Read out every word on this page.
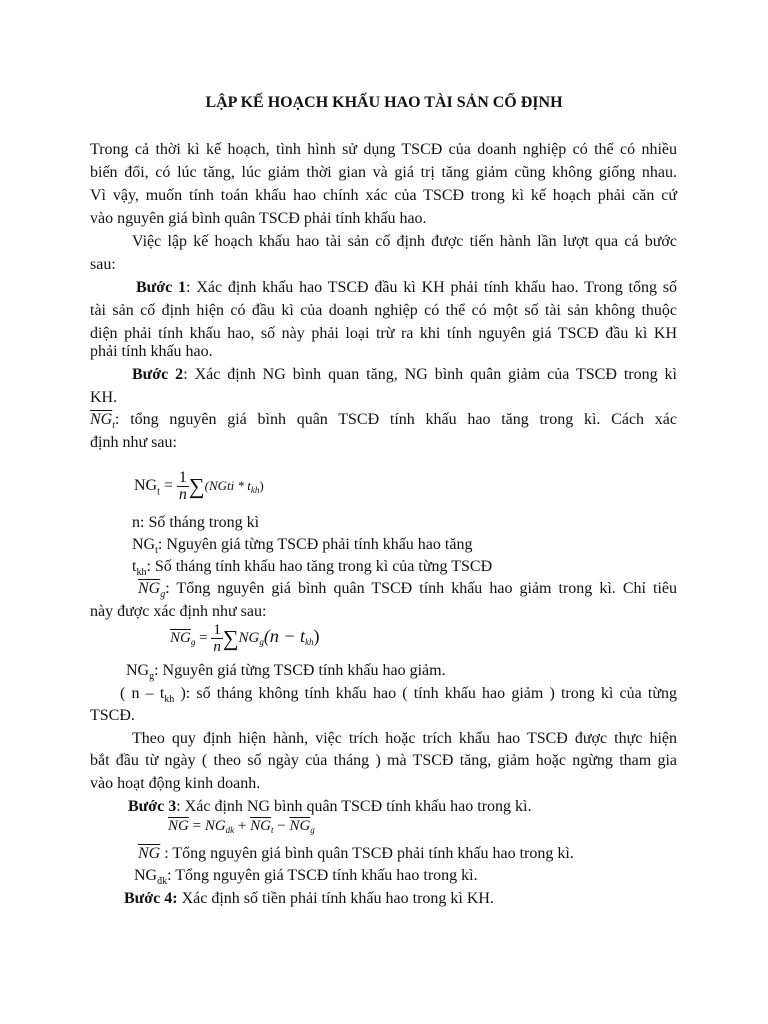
LẬP KẾ HOẠCH KHẤU HAO TÀI SẢN CỐ ĐỊNH
Trong cả thời kì kế hoạch, tình hình sử dụng TSCĐ của doanh nghiệp có thể có nhiều
biến đổi, có lúc tăng, lúc giảm thời gian và giá trị tăng giảm cũng không giống nhau.
Vì vậy, muốn tính toán khấu hao chính xác của TSCĐ trong kì kế hoạch phải căn cứ
vào nguyên giá bình quân TSCĐ phải tính khấu hao.
Việc lập kế hoạch khấu hao tài sản cố định được tiến hành lần lượt qua cá bước
sau:
Bước 1: Xác định khấu hao TSCĐ đầu kì KH phải tính khấu hao. Trong tổng số
tài sản cố định hiện có đầu kì của doanh nghiệp có thể có một số tài sản không thuộc
diện phải tính khấu hao, số này phải loại trừ ra khi tính nguyên giá TSCĐ đầu kì KH
phải tính khấu hao.
Bước 2: Xác định NG bình quan tăng, NG bình quân giảm của TSCĐ trong kì
KH.
$\overline{NG}_t$: tổng nguyên giá bình quân TSCĐ tính khấu hao tăng trong kì. Cách xác
định như sau:
$NG_t = \frac{1}{n}$ ∑(NGti * tkh)
n: Số tháng trong kì
$NG_t$: Nguyên giá từng TSCĐ phải tính khấu hao tăng
$t_{kh}$: Số tháng tính khấu hao tăng trong kì của từng TSCĐ
$\overline{NG}_g$: Tổng nguyên giá bình quân TSCĐ tính khấu hao giảm trong kì. Chỉ tiêu
này được xác định như sau:
$\overline{NG}_g = \frac{1}{n} \sum NG_g(n - t_{kh})$
$NG_g$: Nguyên giá từng TSCĐ tính khấu hao giảm.
( n – $t_{kh}$ ): số tháng không tính khấu hao ( tính khấu hao giảm ) trong kì của từng
TSCĐ.
Theo quy định hiện hành, việc trích hoặc trích khấu hao TSCĐ được thực hiện
bắt đầu từ ngày ( theo số ngày của tháng ) mà TSCĐ tăng, giảm hoặc ngừng tham gia
vào hoạt động kinh doanh.
Bước 3: Xác định NG bình quân TSCĐ tính khấu hao trong kì.
$\overline{NG} = NG_{dk} + \overline{NG}_t - \overline{NG}_g$
$\overline{NG}$ : Tổng nguyên giá bình quân TSCĐ phải tính khấu hao trong kì.
$NG_{đk}$: Tổng nguyên giá TSCĐ tính khấu hao trong kì.
Bước 4: Xác định số tiền phải tính khấu hao trong kì KH.
